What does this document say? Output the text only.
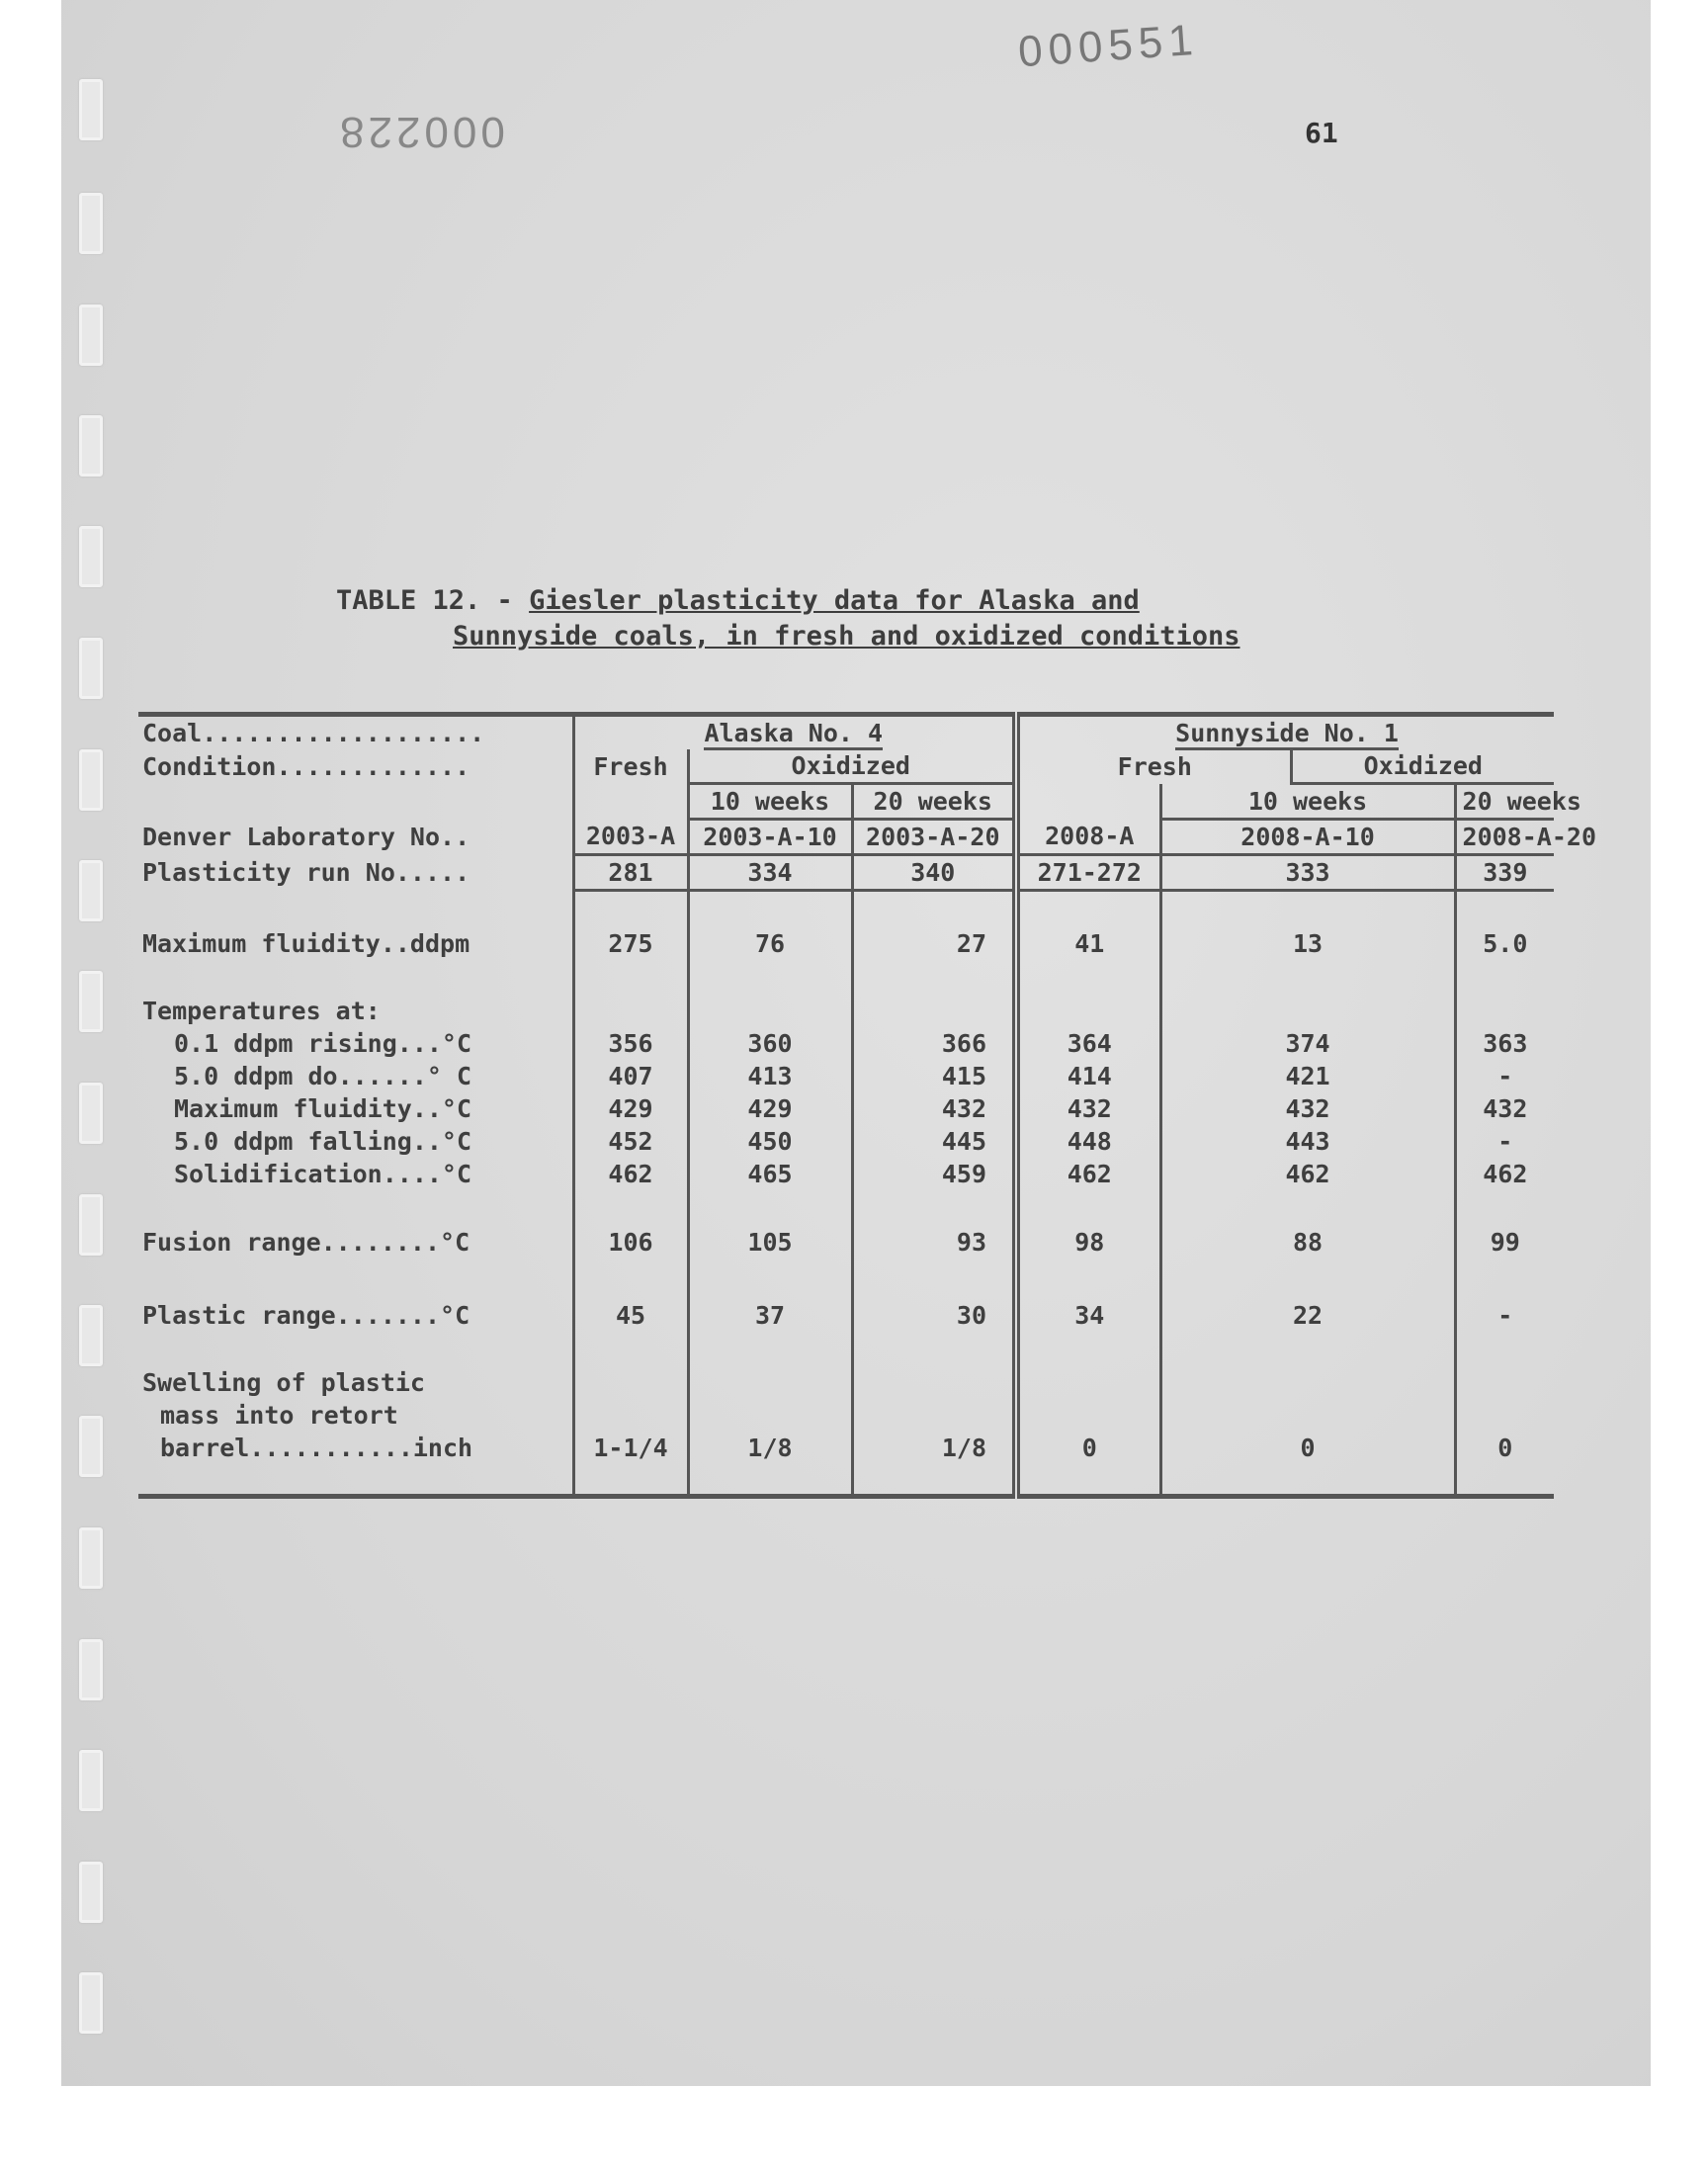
000551
000228	61
TABLE 12. - Giesler plasticity data for Alaska and
Sunnyside coals, in fresh and oxidized conditions
Coal...................	Alaska No. 4			Sunnyside No. 1			
Condition.............	Fresh	Oxidized		Fresh		Oxidized	
		10 weeks	20 weeks		10 weeks		20 weeks
Denver Laboratory No..	2003-A	2003-A-10	2003-A-20	2008-A	2008-A-10		2008-A-20
Plasticity run No.....	281	334	340	271-272	333		339

Maximum fluidity..ddpm	275	76	27	41	13		5.0

Temperatures at:							
0.1 ddpm rising...°C	356	360	366	364	374		363
5.0 ddpm do......° C	407	413	415	414	421		-
Maximum fluidity..°C	429	429	432	432	432		432
5.0 ddpm falling..°C	452	450	445	448	443		-
Solidification....°C	462	465	459	462	462		462

Fusion range........°C	106	105	93	98	88		99

Plastic range.......°C	45	37	30	34	22		-

Swelling of plastic							
mass into retort							
barrel...........inch	1-1/4	1/8	1/8	0	0		0
